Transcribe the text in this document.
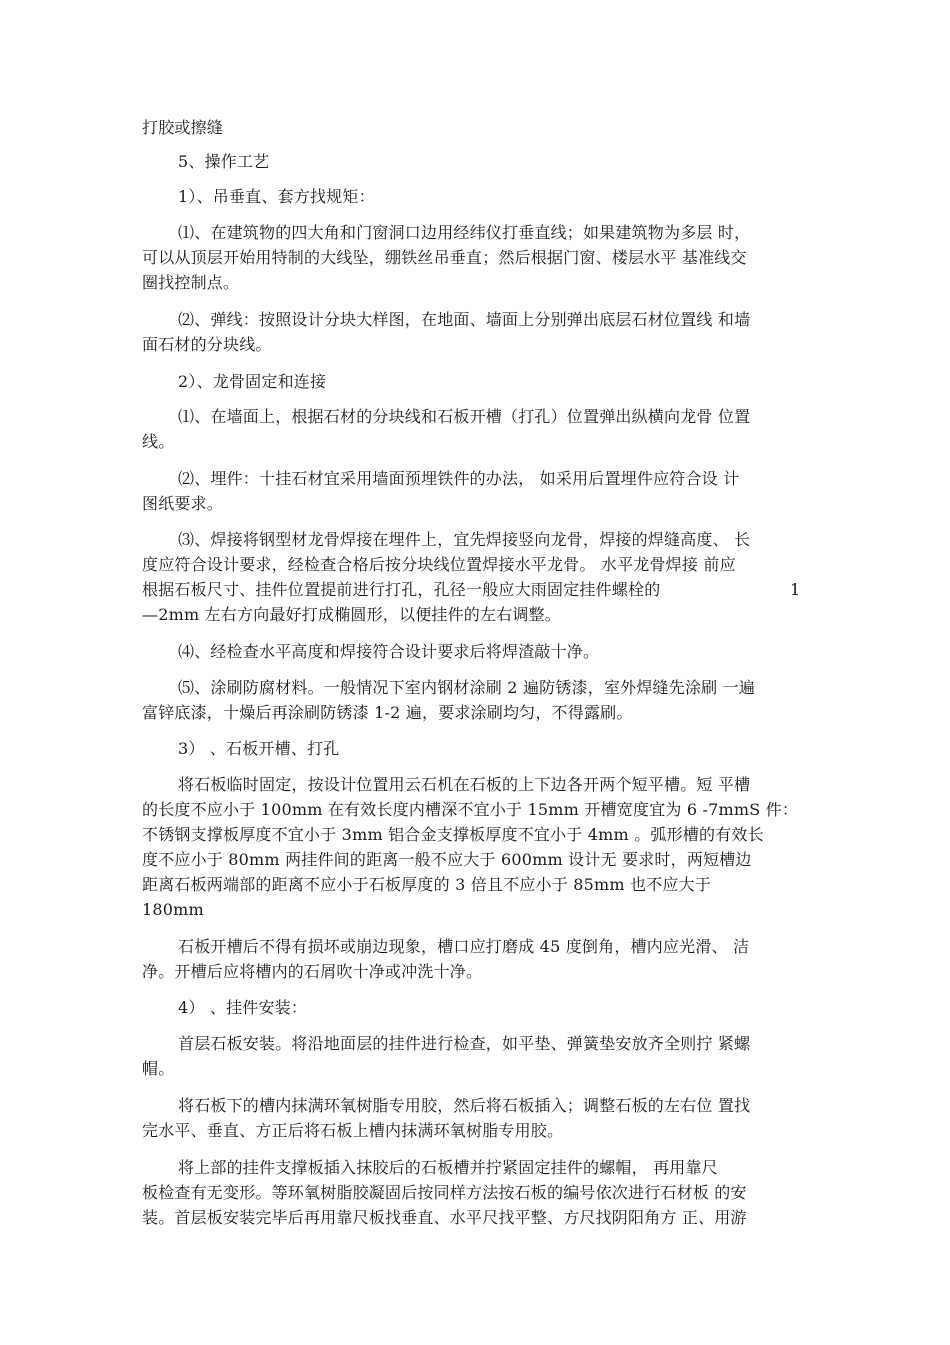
打胶或擦缝
5、操作工艺
1）、吊垂直、套方找规矩：
⑴、在建筑物的四大角和门窗洞口边用经纬仪打垂直线；如果建筑物为多层 时，
可以从顶层开始用特制的大线坠，绷铁丝吊垂直；然后根据门窗、楼层水平 基准线交
圈找控制点。
⑵、弹线：按照设计分块大样图，在地面、墙面上分别弹出底层石材位置线 和墙
面石材的分块线。
2）、龙骨固定和连接
⑴、在墙面上，根据石材的分块线和石板开槽（打孔）位置弹出纵横向龙骨 位置
线。
⑵、埋件：十挂石材宜采用墙面预埋铁件的办法， 如采用后置埋件应符合设 计
图纸要求。
⑶、焊接将钢型材龙骨焊接在埋件上，宜先焊接竖向龙骨，焊接的焊缝高度、 长
度应符合设计要求，经检查合格后按分块线位置焊接水平龙骨。 水平龙骨焊接 前应
根据石板尺寸、挂件位置提前进行打孔，孔径一般应大雨固定挂件螺栓的	1
—2mm 左右方向最好打成椭圆形，以便挂件的左右调整。
⑷、经检查水平高度和焊接符合设计要求后将焊渣敲十净。
⑸、涂刷防腐材料。一般情况下室内钢材涂刷 2 遍防锈漆，室外焊缝先涂刷 一遍
富锌底漆，十燥后再涂刷防锈漆 1-2 遍，要求涂刷均匀，不得露刷。
3） 、石板开槽、打孔
将石板临时固定，按设计位置用云石机在石板的上下边各开两个短平槽。短 平槽
的长度不应小于 100mm 在有效长度内槽深不宜小于 15mm 开槽宽度宜为 6 -7mmS 件：
不锈钢支撑板厚度不宜小于 3mm 铝合金支撑板厚度不宜小于 4mm 。弧形槽的有效长
度不应小于 80mm 两挂件间的距离一般不应大于 600mm 设计无 要求时，两短槽边
距离石板两端部的距离不应小于石板厚度的 3 倍且不应小于 85mm 也不应大于
180mm
石板开槽后不得有损坏或崩边现象，槽口应打磨成 45 度倒角，槽内应光滑、 洁
净。开槽后应将槽内的石屑吹十净或冲洗十净。
4） 、挂件安装：
首层石板安装。将沿地面层的挂件进行检查，如平垫、弹簧垫安放齐全则拧 紧螺
帽。
将石板下的槽内抹满环氧树脂专用胶，然后将石板插入；调整石板的左右位 置找
完水平、垂直、方正后将石板上槽内抹满环氧树脂专用胶。
将上部的挂件支撑板插入抹胶后的石板槽并拧紧固定挂件的螺帽， 再用靠尺
板检查有无变形。等环氧树脂胶凝固后按同样方法按石板的编号依次进行石材板 的安
装。首层板安装完毕后再用靠尺板找垂直、水平尺找平整、方尺找阴阳角方 正、用游
